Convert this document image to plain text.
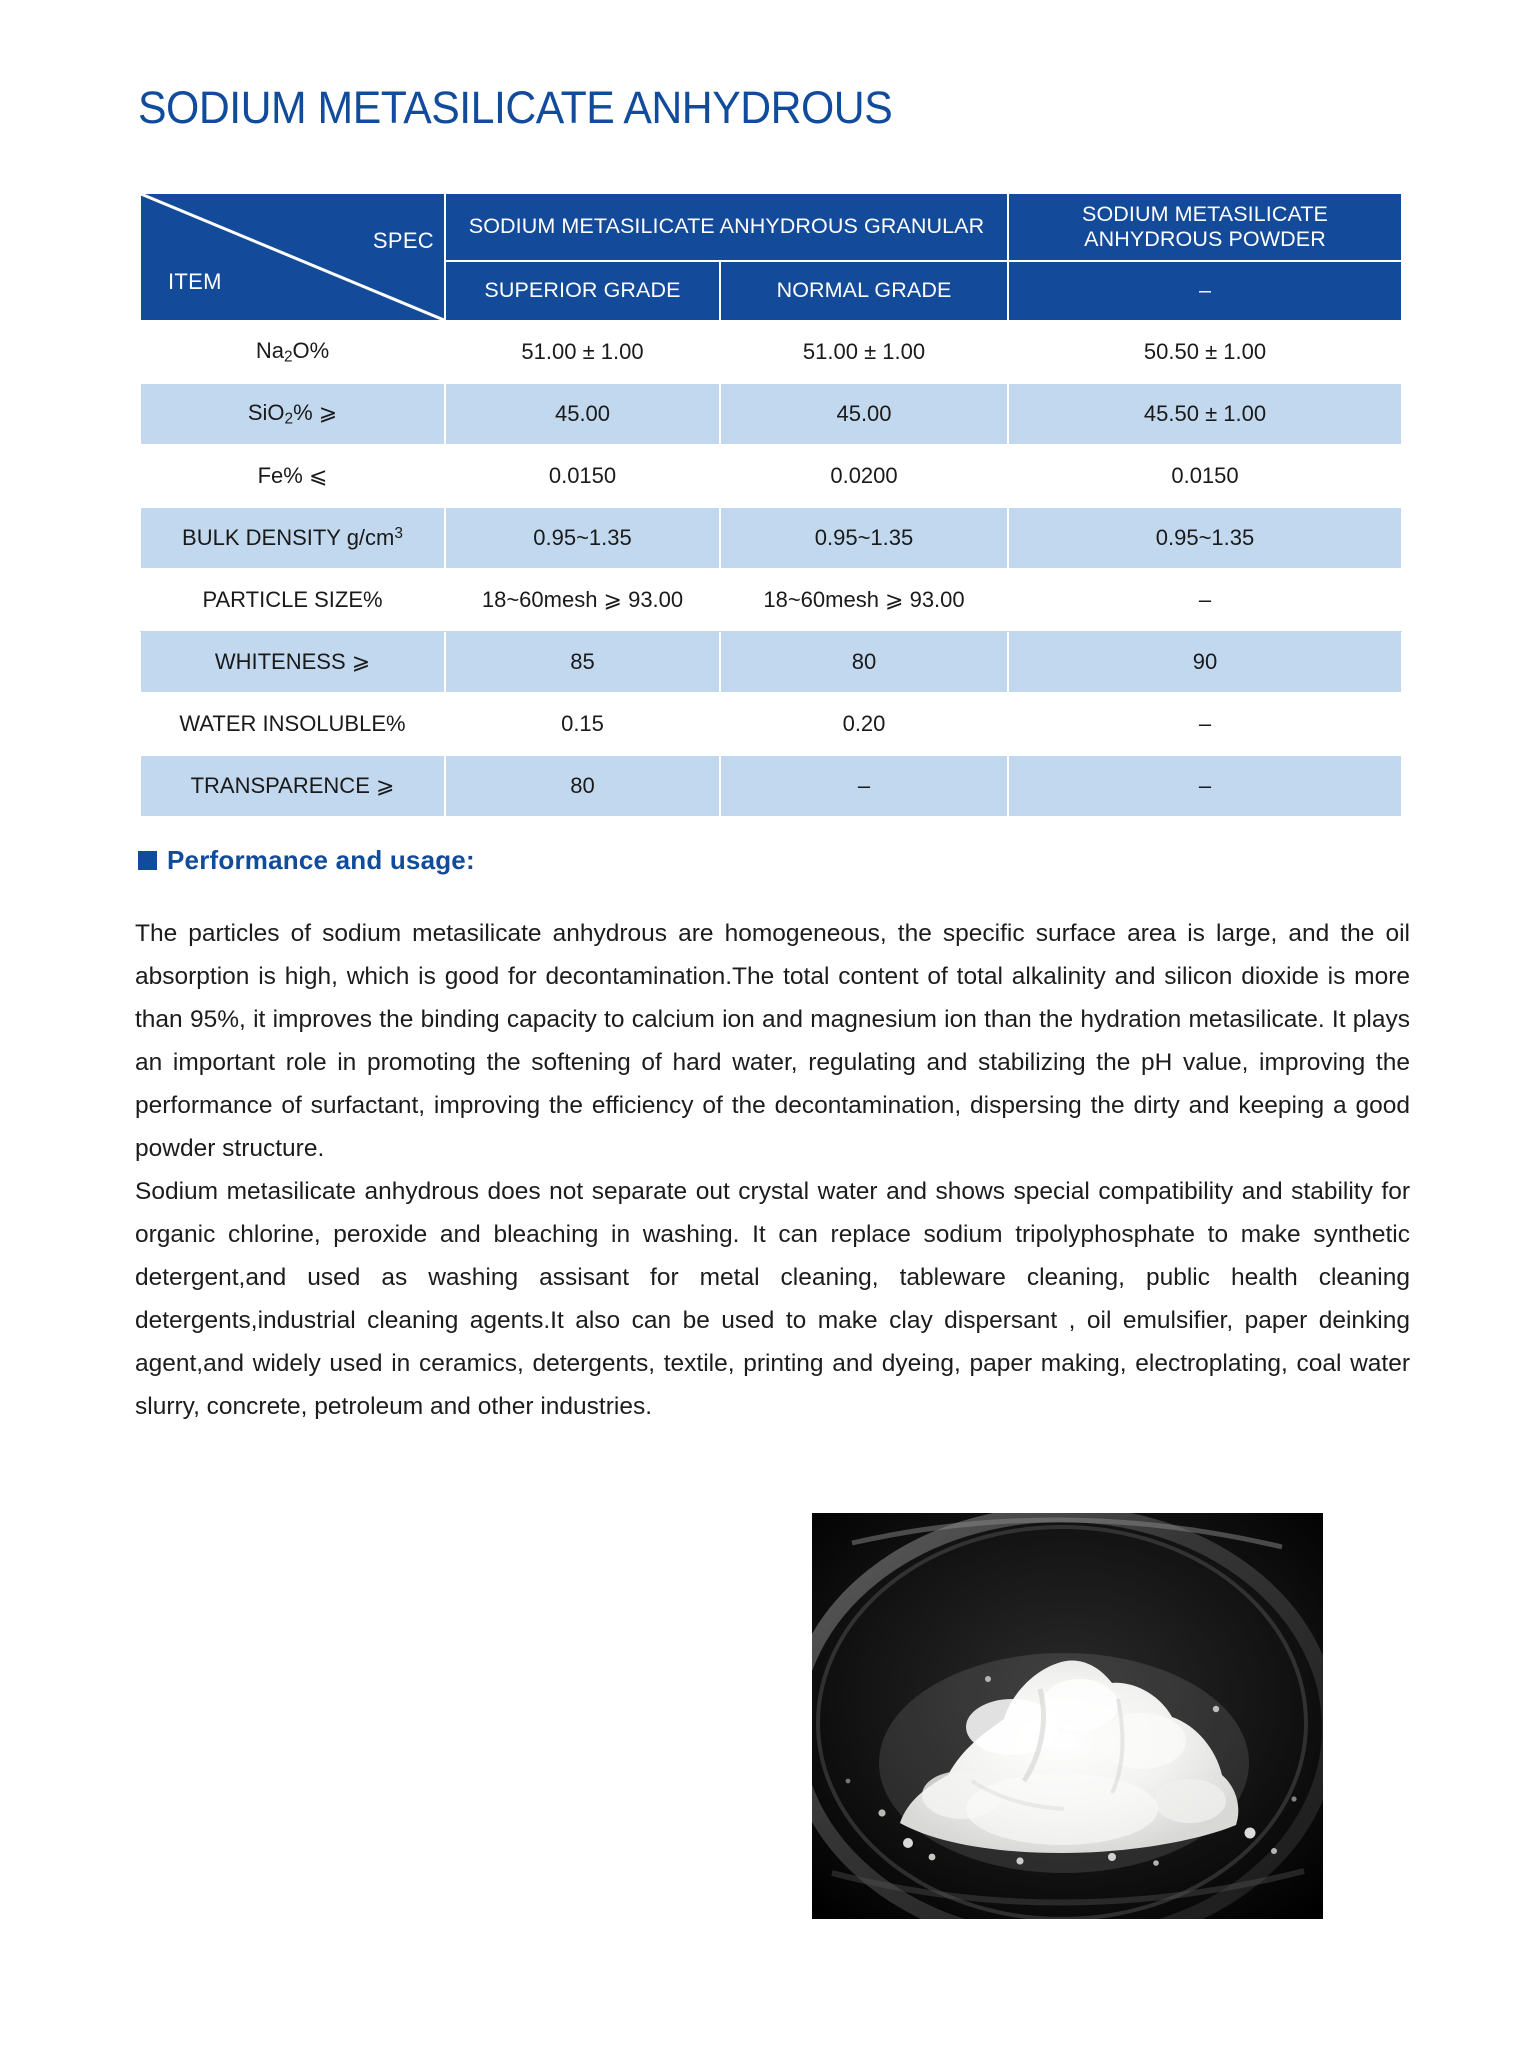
SODIUM METASILICATE ANHYDROUS
SPEC
ITEM	SODIUM METASILICATE ANHYDROUS GRANULAR		SODIUM METASILICATE ANHYDROUS POWDER
	SUPERIOR GRADE	NORMAL GRADE	–
$Na_2O\%$	51.00 ± 1.00	51.00 ± 1.00	50.50 ± 1.00
SiO$_2$% ⩾	45.00	45.00	45.50 ± 1.00
Fe% ⩽	0.0150	0.0200	0.0150
BULK DENSITY $g/cm^3$	0.95~1.35	0.95~1.35	0.95~1.35
PARTICLE SIZE%	18~60mesh ⩾ 93.00	18~60mesh ⩾ 93.00	–
WHITENESS ⩾	85	80	90
WATER INSOLUBLE%	0.15	0.20	–
TRANSPARENCE ⩾	80	–	–
Performance and usage:

The particles of sodium metasilicate anhydrous are homogeneous, the specific surface area is large, and the oil absorption is high, which is good for decontamination.The total content of total alkalinity and silicon dioxide is more than 95%, it improves the binding capacity to calcium ion and magnesium ion than the hydration metasilicate. It plays an important role in promoting the softening of hard water, regulating and stabilizing the pH value, improving the performance of surfactant, improving the efficiency of the decontamination, dispersing the dirty and keeping a good powder structure.

Sodium metasilicate anhydrous does not separate out crystal water and shows special compatibility and stability for organic chlorine, peroxide and bleaching in washing. It can replace sodium tripolyphosphate to make synthetic detergent,and used as washing assisant for metal cleaning, tableware cleaning, public health cleaning detergents,industrial cleaning agents.It also can be used to make clay dispersant , oil emulsifier, paper deinking agent,and widely used in ceramics, detergents, textile, printing and dyeing, paper making, electroplating, coal water slurry, concrete, petroleum and other industries.
